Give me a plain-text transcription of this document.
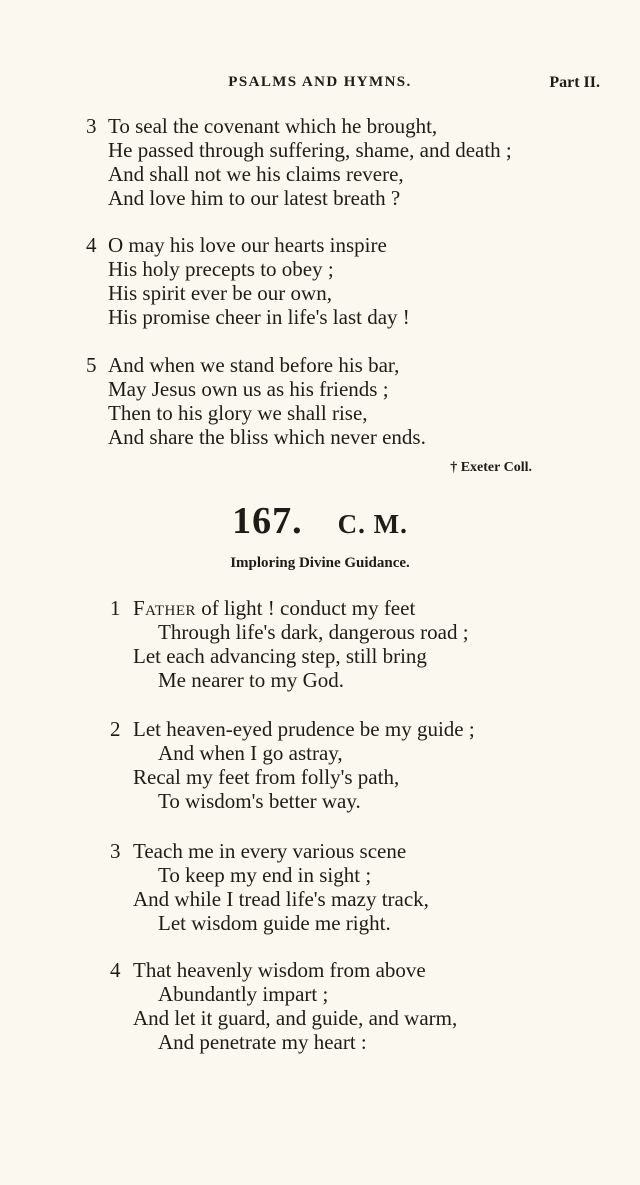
PSALMS AND HYMNS.	Part II.
3 To seal the covenant which he brought,
He passed through suffering, shame, and death ;
And shall not we his claims revere,
And love him to our latest breath ?
4 O may his love our hearts inspire
His holy precepts to obey ;
His spirit ever be our own,
His promise cheer in life's last day !
5 And when we stand before his bar,
May Jesus own us as his friends ;
Then to his glory we shall rise,
And share the bliss which never ends.
† Exeter Coll.
167. C. M.
Imploring Divine Guidance.
1 Father of light ! conduct my feet
Through life's dark, dangerous road ;
Let each advancing step, still bring
Me nearer to my God.
2 Let heaven-eyed prudence be my guide ;
And when I go astray,
Recal my feet from folly's path,
To wisdom's better way.
3 Teach me in every various scene
To keep my end in sight ;
And while I tread life's mazy track,
Let wisdom guide me right.
4 That heavenly wisdom from above
Abundantly impart ;
And let it guard, and guide, and warm,
And penetrate my heart :
